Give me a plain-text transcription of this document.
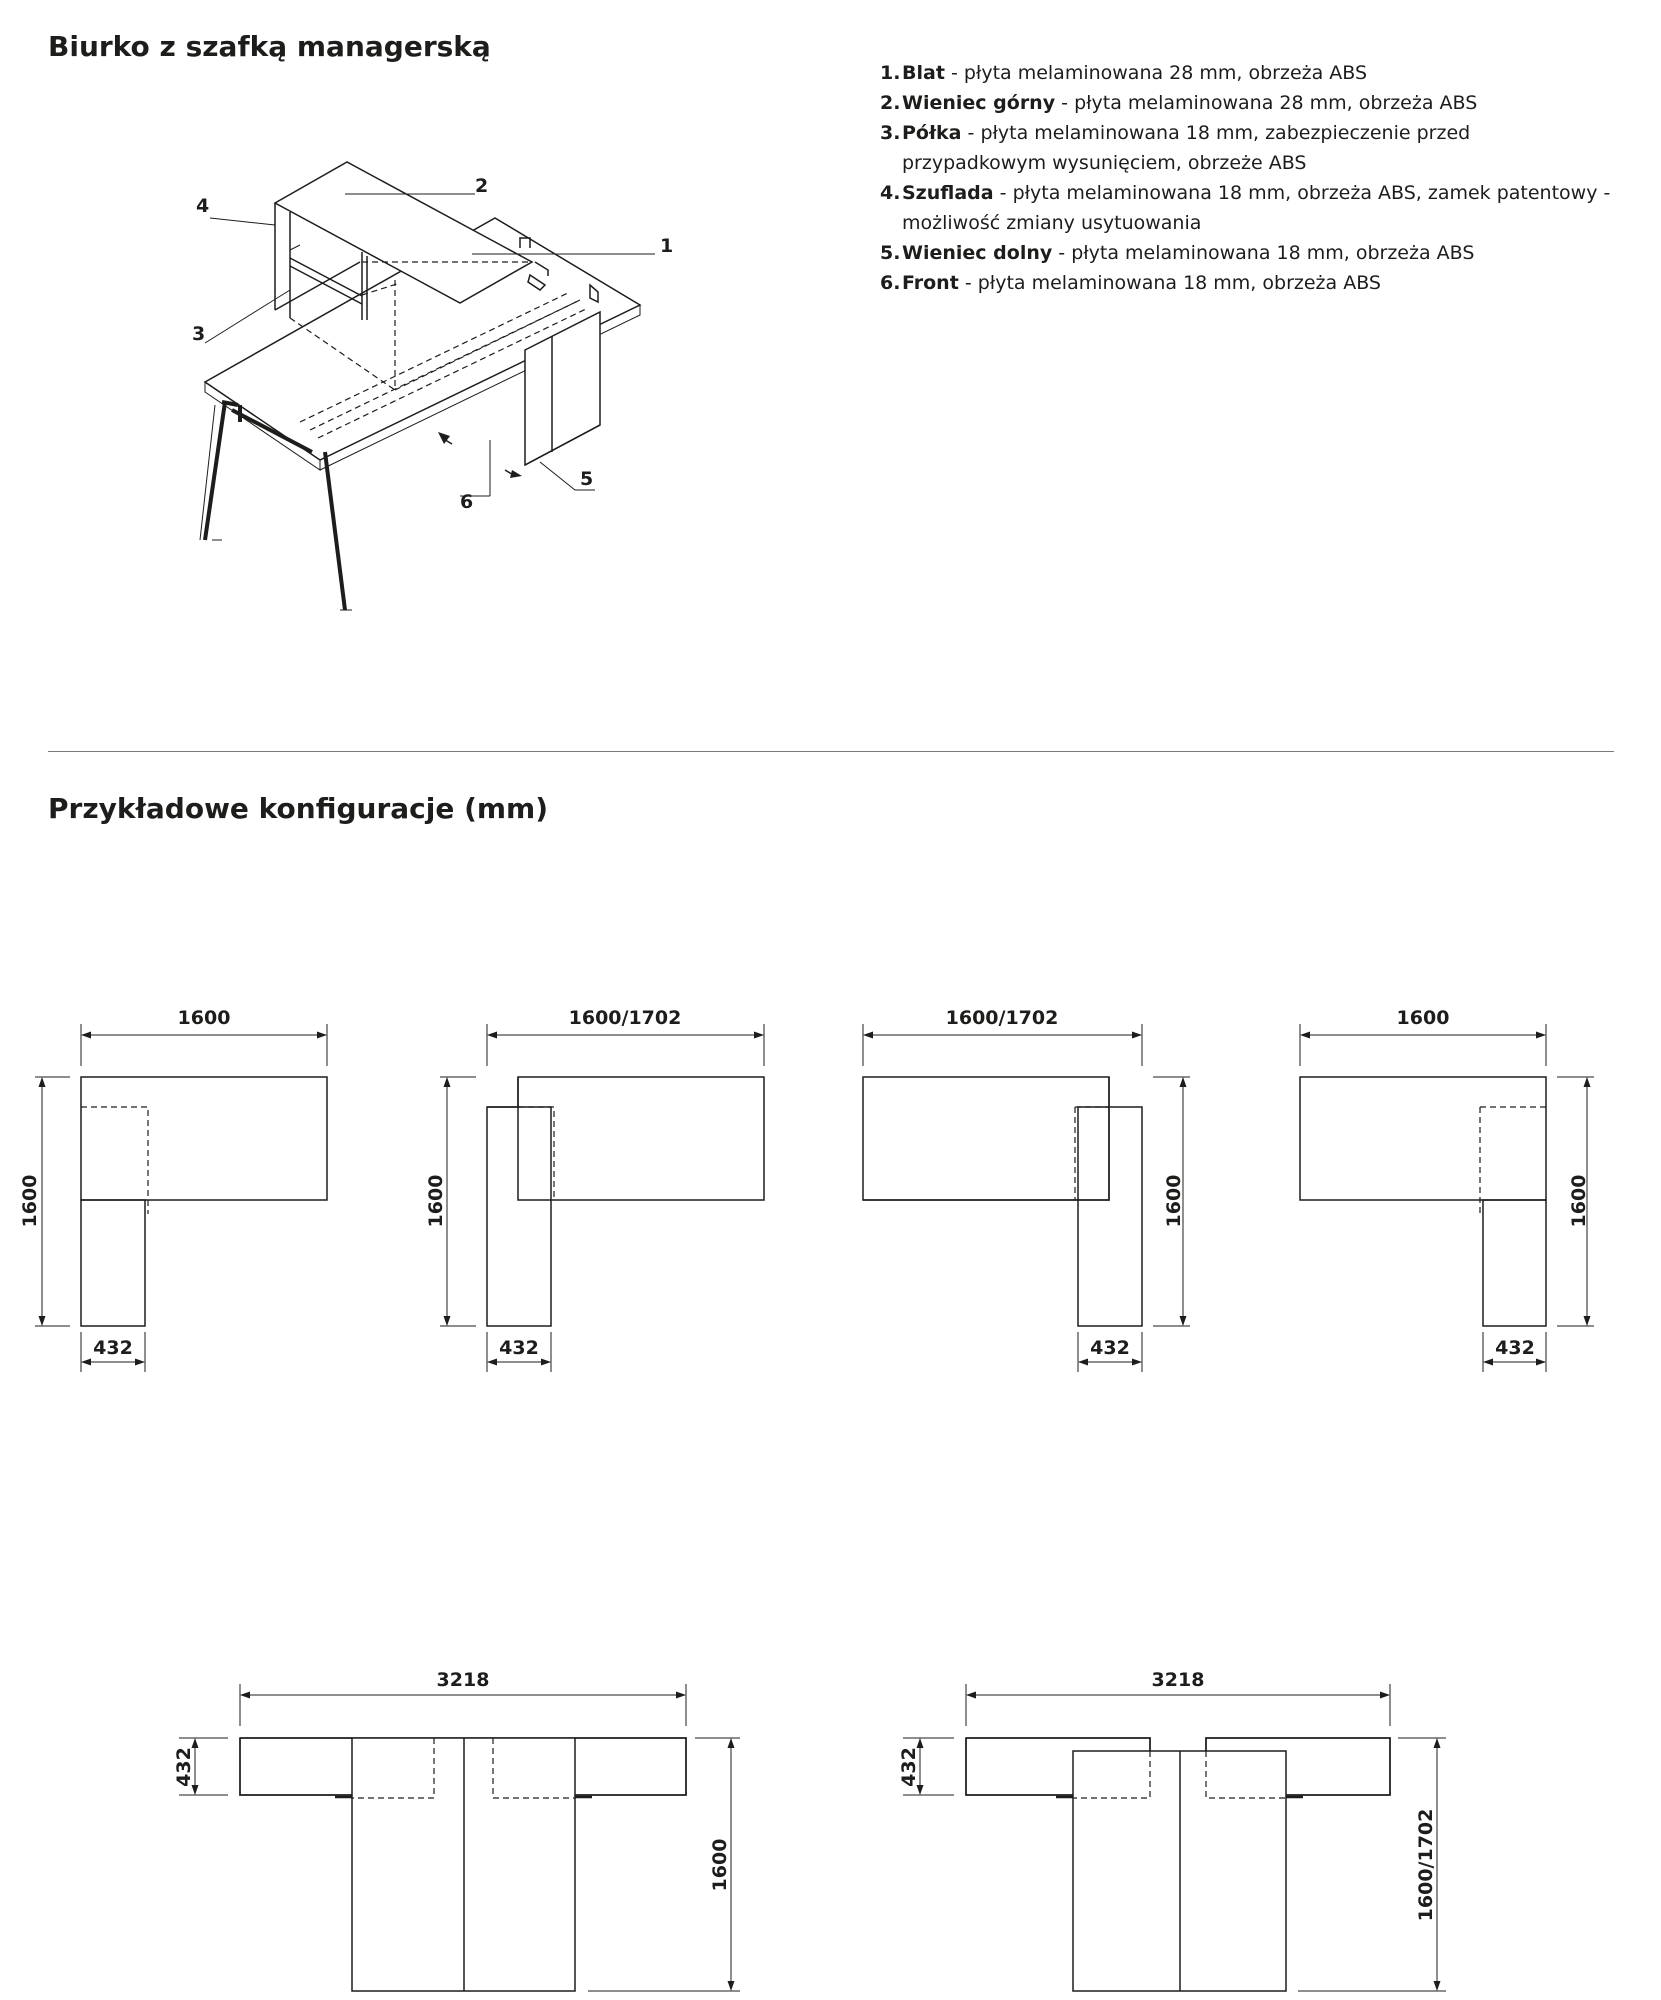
Biurko z szafką managerską
1. Blat - płyta melaminowana 28 mm, obrzeża ABS
2. Wieniec górny - płyta melaminowana 28 mm, obrzeża ABS
3. Półka - płyta melaminowana 18 mm, zabezpieczenie przed przypadkowym wysunięciem, obrzeże ABS
4. Szuflada - płyta melaminowana 18 mm, obrzeża ABS, zamek patentowy - możliwość zmiany usytuowania
5. Wieniec dolny - płyta melaminowana 18 mm, obrzeża ABS
6. Front - płyta melaminowana 18 mm, obrzeża ABS
Przykładowe konfiguracje (mm)
4
2
1
3
5
6
1600
1600
432
1600/1702
1600
432
1600/1702
1600
432
1600
1600
432
3218
432
1600
3218
432
1600/1702
